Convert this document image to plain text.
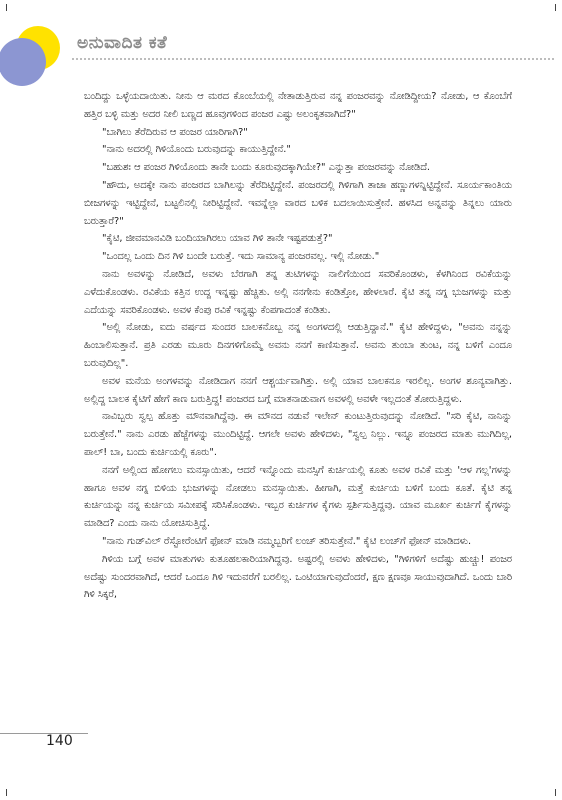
ಅನುವಾದಿತ ಕತೆ

ಬಂದಿದ್ದು ಒಳ್ಳೆಯದಾಯಿತು. ನೀನು ಆ ಮರದ ಕೊಂಬೆಯಲ್ಲಿ ನೇತಾಡುತ್ತಿರುವ ನನ್ನ ಪಂಜರವನ್ನು ನೋಡಿದ್ದೀಯ? ನೋಡು, ಆ ಕೊಂಬೆಗೆ ಹತ್ತಿರ ಬಳ್ಳಿ ಮತ್ತು ಅದರ ನೀಲಿ ಬಣ್ಣದ ಹೂವುಗಳಿಂದ ಪಂಜರ ಎಷ್ಟು ಅಲಂಕೃತವಾಗಿದೆ?"

"ಬಾಗಿಲು ತೆರೆದಿರುವ ಆ ಪಂಜರ ಯಾರಿಗಾಗಿ?"

"ನಾನು ಅದರಲ್ಲಿ ಗಿಳಿಯೊಂದು ಬರುವುದನ್ನು ಕಾಯುತ್ತಿದ್ದೇನೆ."

"ಬಹುಶಃ ಆ ಪಂಜರ ಗಿಳಿಯೊಂದು ತಾನೇ ಬಂದು ಕೂರುವುದಕ್ಕಾಗಿಯೇ?" ಎನ್ನುತ್ತಾ ಪಂಜರವನ್ನು ನೋಡಿದೆ.

"ಹೌದು, ಅದಕ್ಕೇ ನಾನು ಪಂಜರದ ಬಾಗಿಲನ್ನು ತೆರೆದಿಟ್ಟಿದ್ದೇನೆ. ಪಂಜರದಲ್ಲಿ ಗಿಳಿಗಾಗಿ ತಾಜಾ ಹಣ್ಣುಗಳನ್ನಿಟ್ಟಿದ್ದೇನೆ. ಸೂರ್ಯಕಾಂತಿಯ ಬೀಜಗಳನ್ನು ಇಟ್ಟಿದ್ದೇನೆ, ಬಟ್ಟಲಿನಲ್ಲಿ ನೀರಿಟ್ಟಿದ್ದೇನೆ. ಇವನ್ನೆಲ್ಲಾ ವಾರದ ಬಳಿಕ ಬದಲಾಯಿಸುತ್ತೇನೆ. ಹಳಸಿದ ಅನ್ನವನ್ನು ತಿನ್ನಲು ಯಾರು ಬರುತ್ತಾರೆ?"

"ಕೈಟಿ, ಜೀವಮಾನವಿಡಿ ಬಂದಿಯಾಗಿರಲು ಯಾವ ಗಿಳಿ ತಾನೇ ಇಷ್ಟಪಡುತ್ತೆ?"

"ಒಂದಲ್ಲ ಒಂದು ದಿನ ಗಿಳಿ ಬಂದೇ ಬರುತ್ತೆ. ಇದು ಸಾಮಾನ್ಯ ಪಂಜರವಲ್ಲ. ಇಲ್ಲಿ ನೋಡು."

ನಾನು ಅವಳನ್ನು ನೋಡಿದೆ, ಅವಳು ಬೆರಗಾಗಿ ತನ್ನ ತುಟಿಗಳನ್ನು ನಾಲಿಗೆಯಿಂದ ಸವರಿಕೊಂಡಳು, ಕೆಳಗಿನಿಂದ ರವಿಕೆಯನ್ನು ಎಳೆದುಕೊಂಡಳು. ರವಿಕೆಯ ಕತ್ತಿನ ಉದ್ದ ಇನ್ನಷ್ಟು ಹೆಚ್ಚಿತು. ಅಲ್ಲಿ ನನಗೇನು ಕಂಡಿತ್ತೋ, ಹೇಳಲಾರೆ. ಕೈಟಿ ತನ್ನ ನಗ್ನ ಭುಜಗಳನ್ನು ಮತ್ತು ಎದೆಯನ್ನು ಸವರಿಕೊಂಡಳು. ಅವಳ ಕೆಂಪು ರವಿಕೆ ಇನ್ನಷ್ಟು ಕೆಂಪಗಾದಂತೆ ಕಂಡಿತು.

"ಅಲ್ಲಿ ನೋಡು, ಐದು ವರ್ಷದ ಸುಂದರ ಬಾಲಕನೊಬ್ಬ ನನ್ನ ಅಂಗಳದಲ್ಲಿ ಆಡುತ್ತಿದ್ದಾನೆ." ಕೈಟಿ ಹೇಳಿದ್ದಳು, "ಅವನು ನನ್ನನ್ನು ಹಿಂಬಾಲಿಸುತ್ತಾನೆ. ಪ್ರತಿ ಎರಡು ಮೂರು ದಿನಗಳಿಗೊಮ್ಮೆ ಅವನು ನನಗೆ ಕಾಣಿಸುತ್ತಾನೆ. ಅವನು ತುಂಬಾ ತುಂಟ, ನನ್ನ ಬಳಿಗೆ ಎಂದೂ ಬರುವುದಿಲ್ಲ".

ಅವಳ ಮನೆಯ ಅಂಗಳವನ್ನು ನೋಡಿದಾಗ ನನಗೆ ಆಶ್ಚರ್ಯವಾಗಿತ್ತು. ಅಲ್ಲಿ ಯಾವ ಬಾಲಕನೂ ಇರಲಿಲ್ಲ. ಅಂಗಳ ಶೂನ್ಯವಾಗಿತ್ತು. ಅಲ್ಲಿದ್ದ ಬಾಲಕ ಕೈಟಿಗೆ ಹೇಗೆ ಕಾಣ ಬರುತ್ತಿದ್ದ! ಪಂಜರದ ಬಗ್ಗೆ ಮಾತನಾಡುವಾಗ ಅವಳಲ್ಲಿ ಅವಳೇ ಇಲ್ಲದಂತೆ ತೋರುತ್ತಿದ್ದಳು.

ನಾವಿಬ್ಬರು ಸ್ವಲ್ಪ ಹೊತ್ತು ಮೌನವಾಗಿದ್ದೆವು. ಈ ಮೌನದ ನಡುವೆ ಇಲೇನ್ ಕುಂಟುತ್ತಿರುವುದನ್ನು ನೋಡಿದೆ. "ಸರಿ ಕೈಟಿ, ನಾನಿನ್ನು ಬರುತ್ತೇನೆ." ನಾನು ಎರಡು ಹೆಜ್ಜೆಗಳನ್ನು ಮುಂದಿಟ್ಟಿದ್ದೆ. ಆಗಲೇ ಅವಳು ಹೇಳಿದಳು, "ಸ್ವಲ್ಪ ನಿಲ್ಲು. ಇನ್ನೂ ಪಂಜರದ ಮಾತು ಮುಗಿದಿಲ್ಲ, ಪಾಲ್! ಬಾ, ಬಂದು ಕುರ್ಚಿಯಲ್ಲಿ ಕೂರು".

ನನಗೆ ಅಲ್ಲಿಂದ ಹೋಗಲು ಮನಸ್ಸಾಯಿತು, ಆದರೆ ಇನ್ನೊಂದು ಮನಸ್ಸಿಗೆ ಕುರ್ಚಿಯಲ್ಲಿ ಕೂತು ಅವಳ ರವಿಕೆ ಮತ್ತು 'ಆಳ ಗಲ್ಲ'ಗಳನ್ನು ಹಾಗೂ ಅವಳ ನಗ್ನ ಬಿಳಿಯ ಭುಜಗಳನ್ನು ನೋಡಲು ಮನಸ್ಸಾಯಿತು. ಹೀಗಾಗಿ, ಮತ್ತೆ ಕುರ್ಚಿಯ ಬಳಿಗೆ ಬಂದು ಕೂತೆ. ಕೈಟಿ ತನ್ನ ಕುರ್ಚಿಯನ್ನು ನನ್ನ ಕುರ್ಚಿಯ ಸಮೀಪಕ್ಕೆ ಸರಿಸಿಕೊಂಡಳು. ಇಬ್ಬರ ಕುರ್ಚಿಗಳ ಕೈಗಳು ಸ್ಪರ್ಶಿಸುತ್ತಿದ್ದವು. ಯಾವ ಮೂರ್ಖ ಕುರ್ಚಿಗೆ ಕೈಗಳನ್ನು ಮಾಡಿದ? ಎಂದು ನಾನು ಯೋಚಿಸುತ್ತಿದ್ದೆ.

"ನಾನು ಗುಡ್‌ವಿಲ್ ರೆಸ್ಟೋರೆಂಟಿಗೆ ಫೋನ್ ಮಾಡಿ ನಮ್ಮಬ್ಬರಿಗೆ ಲಂಚ್ ತರಿಸುತ್ತೇನೆ." ಕೈಟಿ ಲಂಚ್‌ಗೆ ಫೋನ್ ಮಾಡಿದಳು.

ಗಿಳಿಯ ಬಗ್ಗೆ ಅವಳ ಮಾತುಗಳು ಕುತೂಹಲಕಾರಿಯಾಗಿದ್ದವು. ಅಷ್ಟರಲ್ಲಿ ಅವಳು ಹೇಳಿದಳು, "ಗಿಳಿಗಳಿಗೆ ಅದೆಷ್ಟು ಹುಚ್ಚು! ಪಂಜರ ಅದೆಷ್ಟು ಸುಂದರವಾಗಿದೆ, ಆದರೆ ಒಂದೂ ಗಿಳಿ ಇದುವರೆಗೆ ಬರಲಿಲ್ಲ. ಒಂಟಿಯಾಗುವುದೆಂದರೆ, ಕ್ಷಣ ಕ್ಷಣವೂ ಸಾಯುವುದಾಗಿದೆ. ಒಂದು ಬಾರಿ ಗಿಳಿ ಸಿಕ್ಕರೆ,

140
